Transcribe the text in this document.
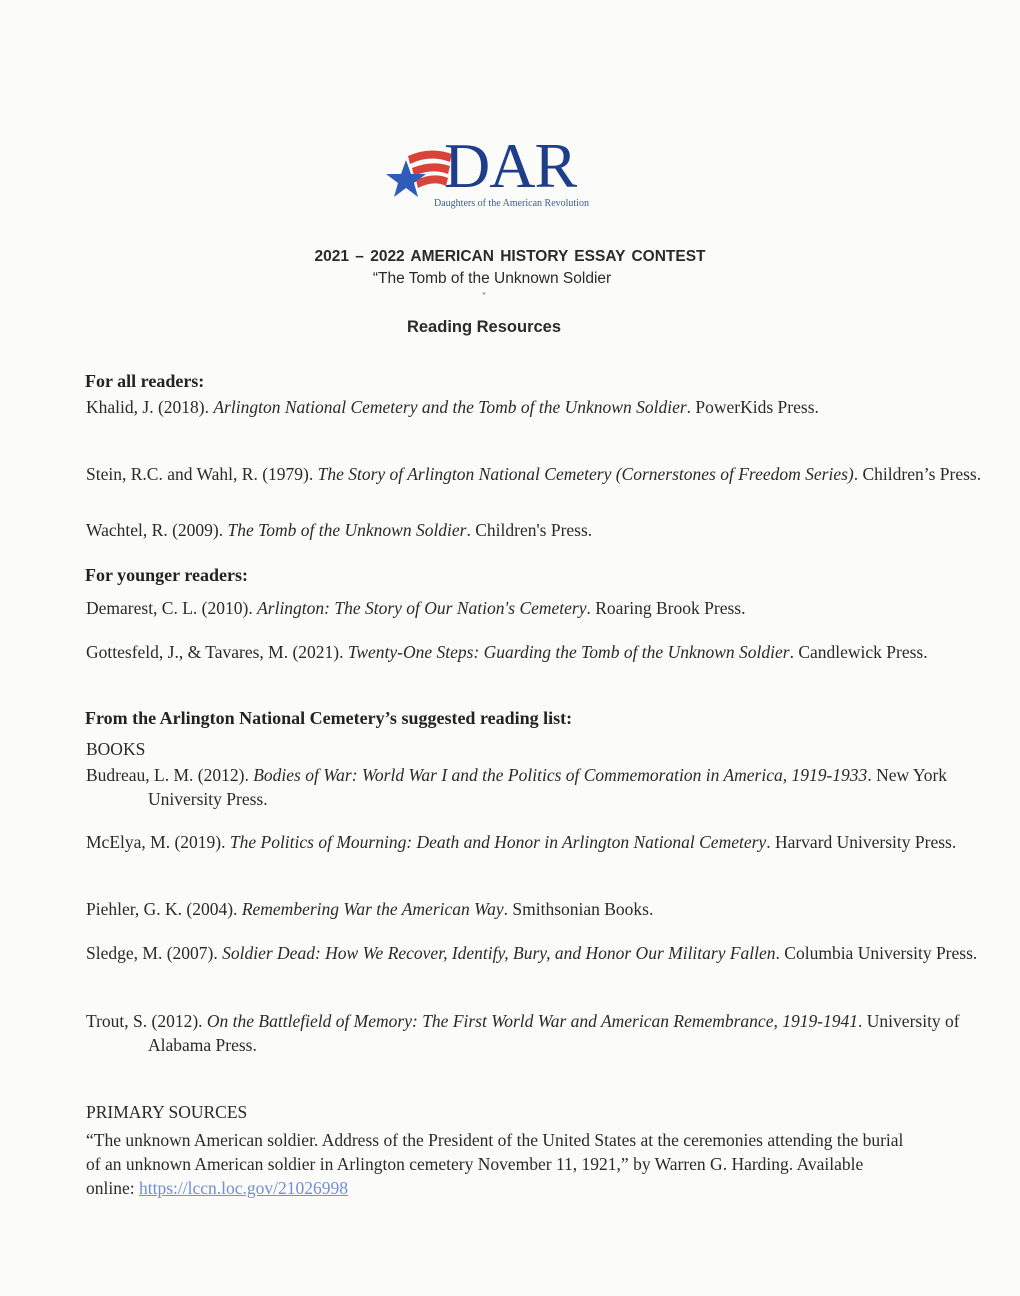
DAR
Daughters of the American Revolution
2021 – 2022 AMERICAN HISTORY ESSAY CONTEST
“The Tomb of the Unknown Soldier
"
Reading Resources
For all readers:
Khalid, J. (2018). Arlington National Cemetery and the Tomb of the Unknown Soldier. PowerKids Press.
Stein, R.C. and Wahl, R. (1979). The Story of Arlington National Cemetery (Cornerstones of Freedom Series). Children’s Press.
Wachtel, R. (2009). The Tomb of the Unknown Soldier. Children's Press.
For younger readers:
Demarest, C. L. (2010). Arlington: The Story of Our Nation's Cemetery. Roaring Brook Press.
Gottesfeld, J., & Tavares, M. (2021). Twenty-One Steps: Guarding the Tomb of the Unknown Soldier. Candlewick Press.
From the Arlington National Cemetery’s suggested reading list:
BOOKS
Budreau, L. M. (2012). Bodies of War: World War I and the Politics of Commemoration in America, 1919-1933. New York University Press.
McElya, M. (2019). The Politics of Mourning: Death and Honor in Arlington National Cemetery. Harvard University Press.
Piehler, G. K. (2004). Remembering War the American Way. Smithsonian Books.
Sledge, M. (2007). Soldier Dead: How We Recover, Identify, Bury, and Honor Our Military Fallen. Columbia University Press.
Trout, S. (2012). On the Battlefield of Memory: The First World War and American Remembrance, 1919-1941. University of Alabama Press.
PRIMARY SOURCES
“The unknown American soldier. Address of the President of the United States at the ceremonies attending the burial of an unknown American soldier in Arlington cemetery November 11, 1921,” by Warren G. Harding. Available online: https://lccn.loc.gov/21026998
